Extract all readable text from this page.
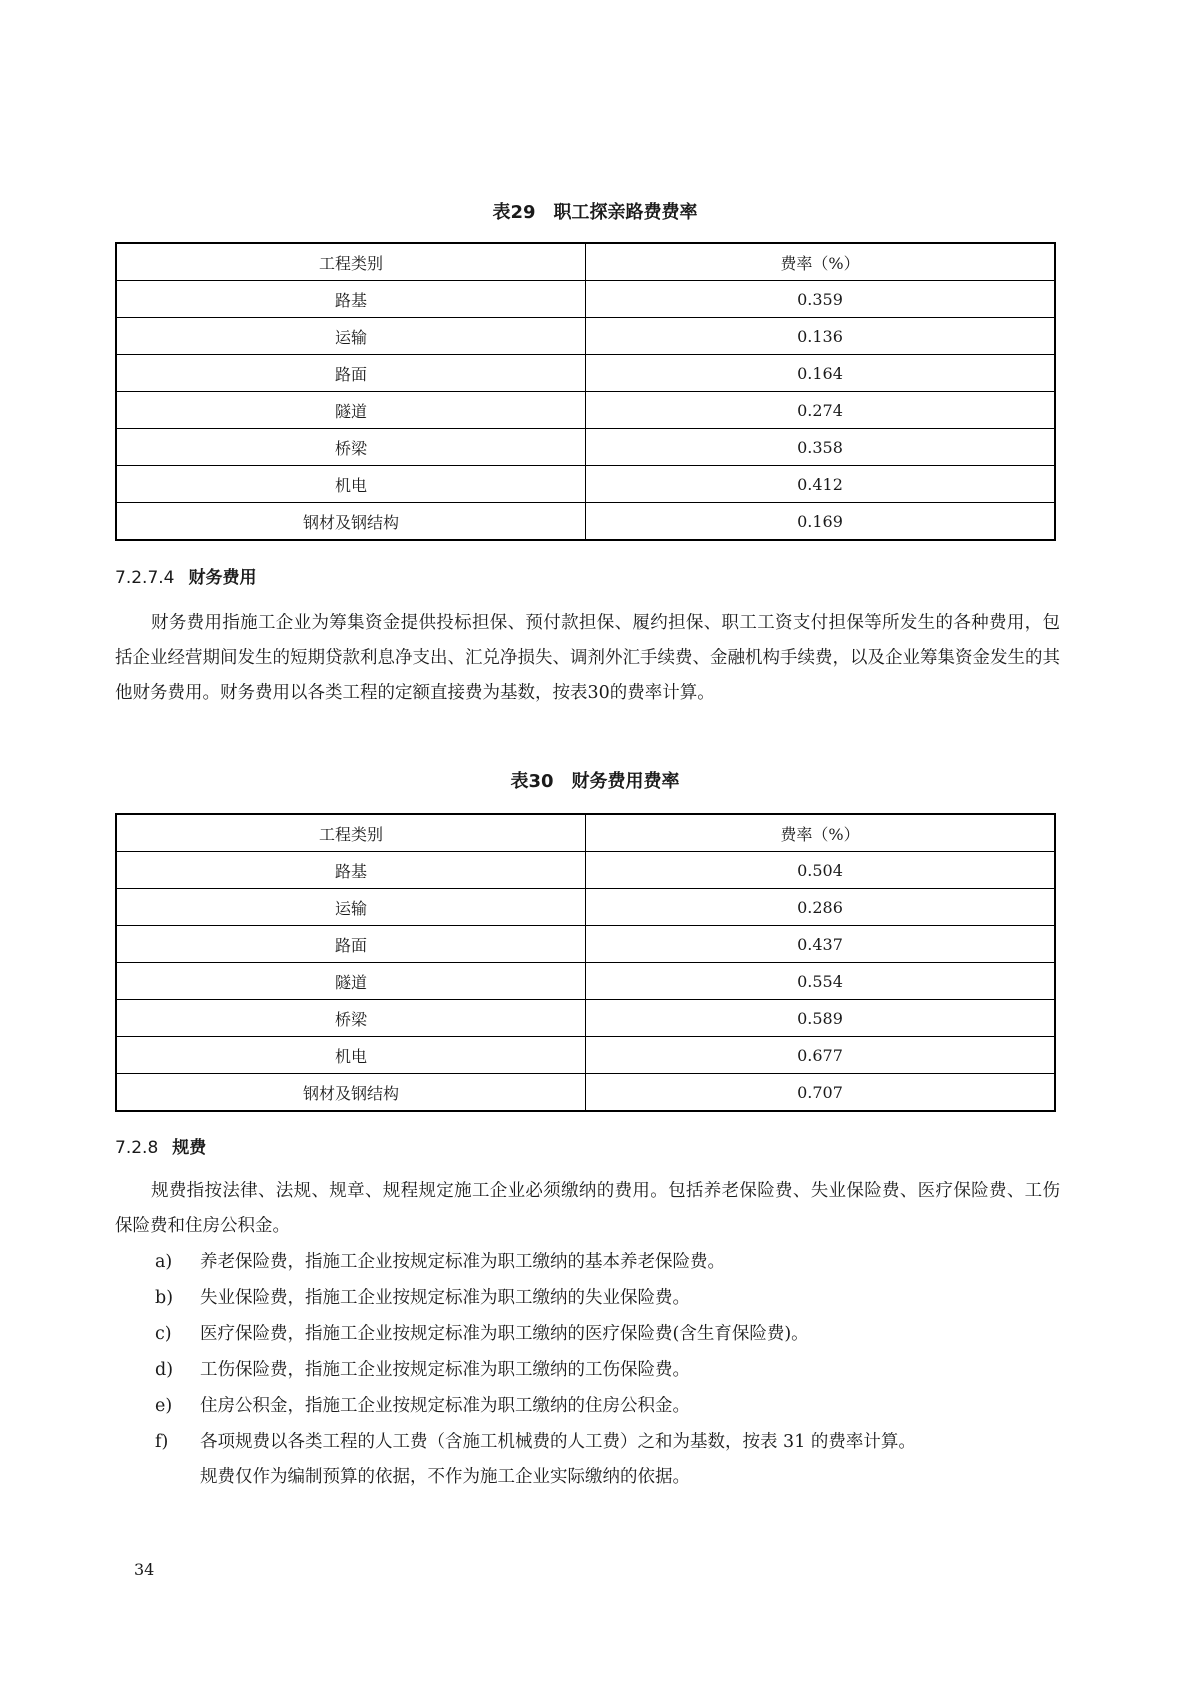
表29　职工探亲路费费率
工程类别	费率（%）
路基	0.359
运输	0.136
路面	0.164
隧道	0.274
桥梁	0.358
机电	0.412
钢材及钢结构	0.169
7.2.7.4 财务费用
财务费用指施工企业为筹集资金提供投标担保、预付款担保、履约担保、职工工资支付担保等所发生的各种费用，包括企业经营期间发生的短期贷款利息净支出、汇兑净损失、调剂外汇手续费、金融机构手续费，以及企业筹集资金发生的其他财务费用。财务费用以各类工程的定额直接费为基数，按表30的费率计算。
表30　财务费用费率
工程类别	费率（%）
路基	0.504
运输	0.286
路面	0.437
隧道	0.554
桥梁	0.589
机电	0.677
钢材及钢结构	0.707
7.2.8 规费
规费指按法律、法规、规章、规程规定施工企业必须缴纳的费用。包括养老保险费、失业保险费、医疗保险费、工伤保险费和住房公积金。
a) 养老保险费，指施工企业按规定标准为职工缴纳的基本养老保险费。
b) 失业保险费，指施工企业按规定标准为职工缴纳的失业保险费。
c) 医疗保险费，指施工企业按规定标准为职工缴纳的医疗保险费(含生育保险费)。
d) 工伤保险费，指施工企业按规定标准为职工缴纳的工伤保险费。
e) 住房公积金，指施工企业按规定标准为职工缴纳的住房公积金。
f) 各项规费以各类工程的人工费（含施工机械费的人工费）之和为基数，按表 31 的费率计算。
规费仅作为编制预算的依据，不作为施工企业实际缴纳的依据。
34
